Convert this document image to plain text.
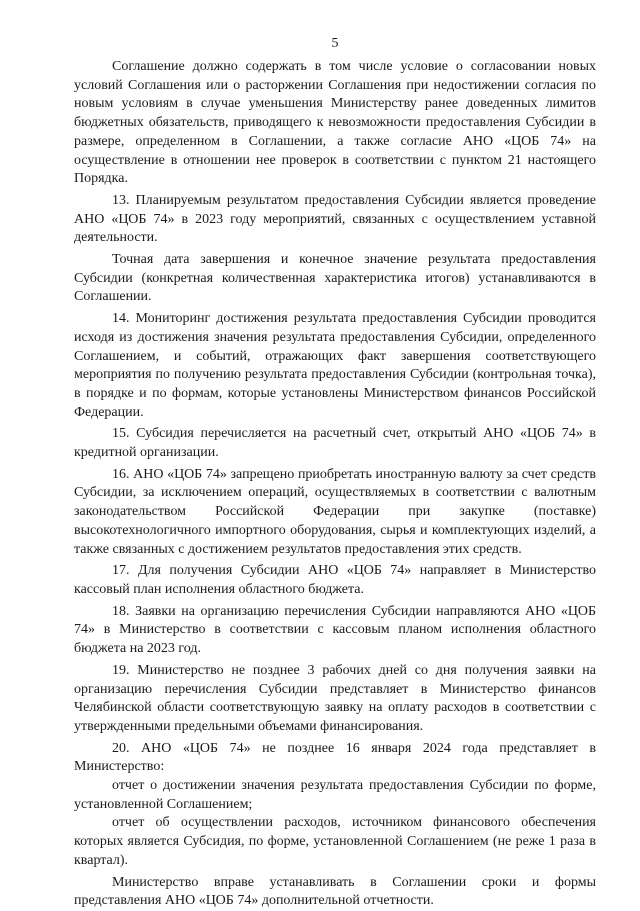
5

Соглашение должно содержать в том числе условие о согласовании новых условий Соглашения или о расторжении Соглашения при недостижении согласия по новым условиям в случае уменьшения Министерству ранее доведенных лимитов бюджетных обязательств, приводящего к невозможности предоставления Субсидии в размере, определенном в Соглашении, а также согласие АНО «ЦОБ 74» на осуществление в отношении нее проверок в соответствии с пунктом 21 настоящего Порядка.

13. Планируемым результатом предоставления Субсидии является проведение АНО «ЦОБ 74» в 2023 году мероприятий, связанных с осуществлением уставной деятельности.

Точная дата завершения и конечное значение результата предоставления Субсидии (конкретная количественная характеристика итогов) устанавливаются в Соглашении.

14. Мониторинг достижения результата предоставления Субсидии проводится исходя из достижения значения результата предоставления Субсидии, определенного Соглашением, и событий, отражающих факт завершения соответствующего мероприятия по получению результата предоставления Субсидии (контрольная точка), в порядке и по формам, которые установлены Министерством финансов Российской Федерации.

15. Субсидия перечисляется на расчетный счет, открытый АНО «ЦОБ 74» в кредитной организации.

16. АНО «ЦОБ 74» запрещено приобретать иностранную валюту за счет средств Субсидии, за исключением операций, осуществляемых в соответствии с валютным законодательством Российской Федерации при закупке (поставке) высокотехнологичного импортного оборудования, сырья и комплектующих изделий, а также связанных с достижением результатов предоставления этих средств.

17. Для получения Субсидии АНО «ЦОБ 74» направляет в Министерство кассовый план исполнения областного бюджета.

18. Заявки на организацию перечисления Субсидии направляются АНО «ЦОБ 74» в Министерство в соответствии с кассовым планом исполнения областного бюджета на 2023 год.

19. Министерство не позднее 3 рабочих дней со дня получения заявки на организацию перечисления Субсидии представляет в Министерство финансов Челябинской области соответствующую заявку на оплату расходов в соответствии с утвержденными предельными объемами финансирования.

20. АНО «ЦОБ 74» не позднее 16 января 2024 года представляет в Министерство:

отчет о достижении значения результата предоставления Субсидии по форме, установленной Соглашением;

отчет об осуществлении расходов, источником финансового обеспечения которых является Субсидия, по форме, установленной Соглашением (не реже 1 раза в квартал).

Министерство вправе устанавливать в Соглашении сроки и формы представления АНО «ЦОБ 74» дополнительной отчетности.
